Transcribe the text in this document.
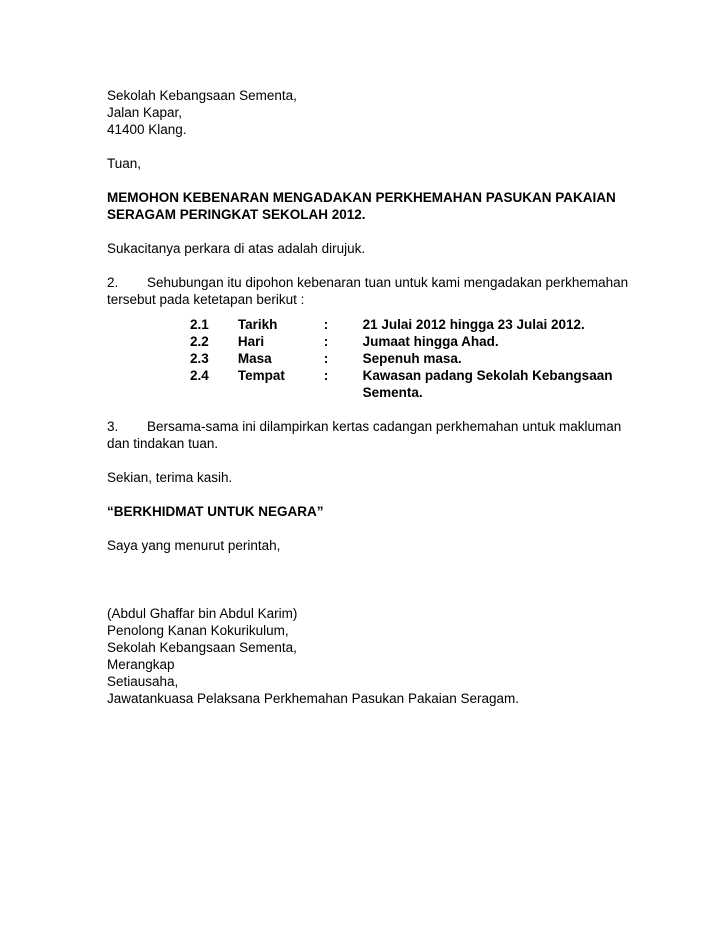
Sekolah Kebangsaan Sementa,
Jalan Kapar,
41400 Klang.
Tuan,
MEMOHON KEBENARAN MENGADAKAN PERKHEMAHAN PASUKAN PAKAIAN
SERAGAM PERINGKAT SEKOLAH 2012.
Sukacitanya perkara di atas adalah dirujuk.
2. Sehubungan itu dipohon kebenaran tuan untuk kami mengadakan perkhemahan
tersebut pada ketetapan berikut :
2.1	Tarikh	:	21 Julai 2012 hingga 23 Julai 2012.
2.2	Hari	:	Jumaat hingga Ahad.
2.3	Masa	:	Sepenuh masa.
2.4	Tempat	:	Kawasan padang Sekolah Kebangsaan Sementa.
3. Bersama-sama ini dilampirkan kertas cadangan perkhemahan untuk makluman
dan tindakan tuan.
Sekian, terima kasih.
“BERKHIDMAT UNTUK NEGARA”
Saya yang menurut perintah,
(Abdul Ghaffar bin Abdul Karim)
Penolong Kanan Kokurikulum,
Sekolah Kebangsaan Sementa,
Merangkap
Setiausaha,
Jawatankuasa Pelaksana Perkhemahan Pasukan Pakaian Seragam.
